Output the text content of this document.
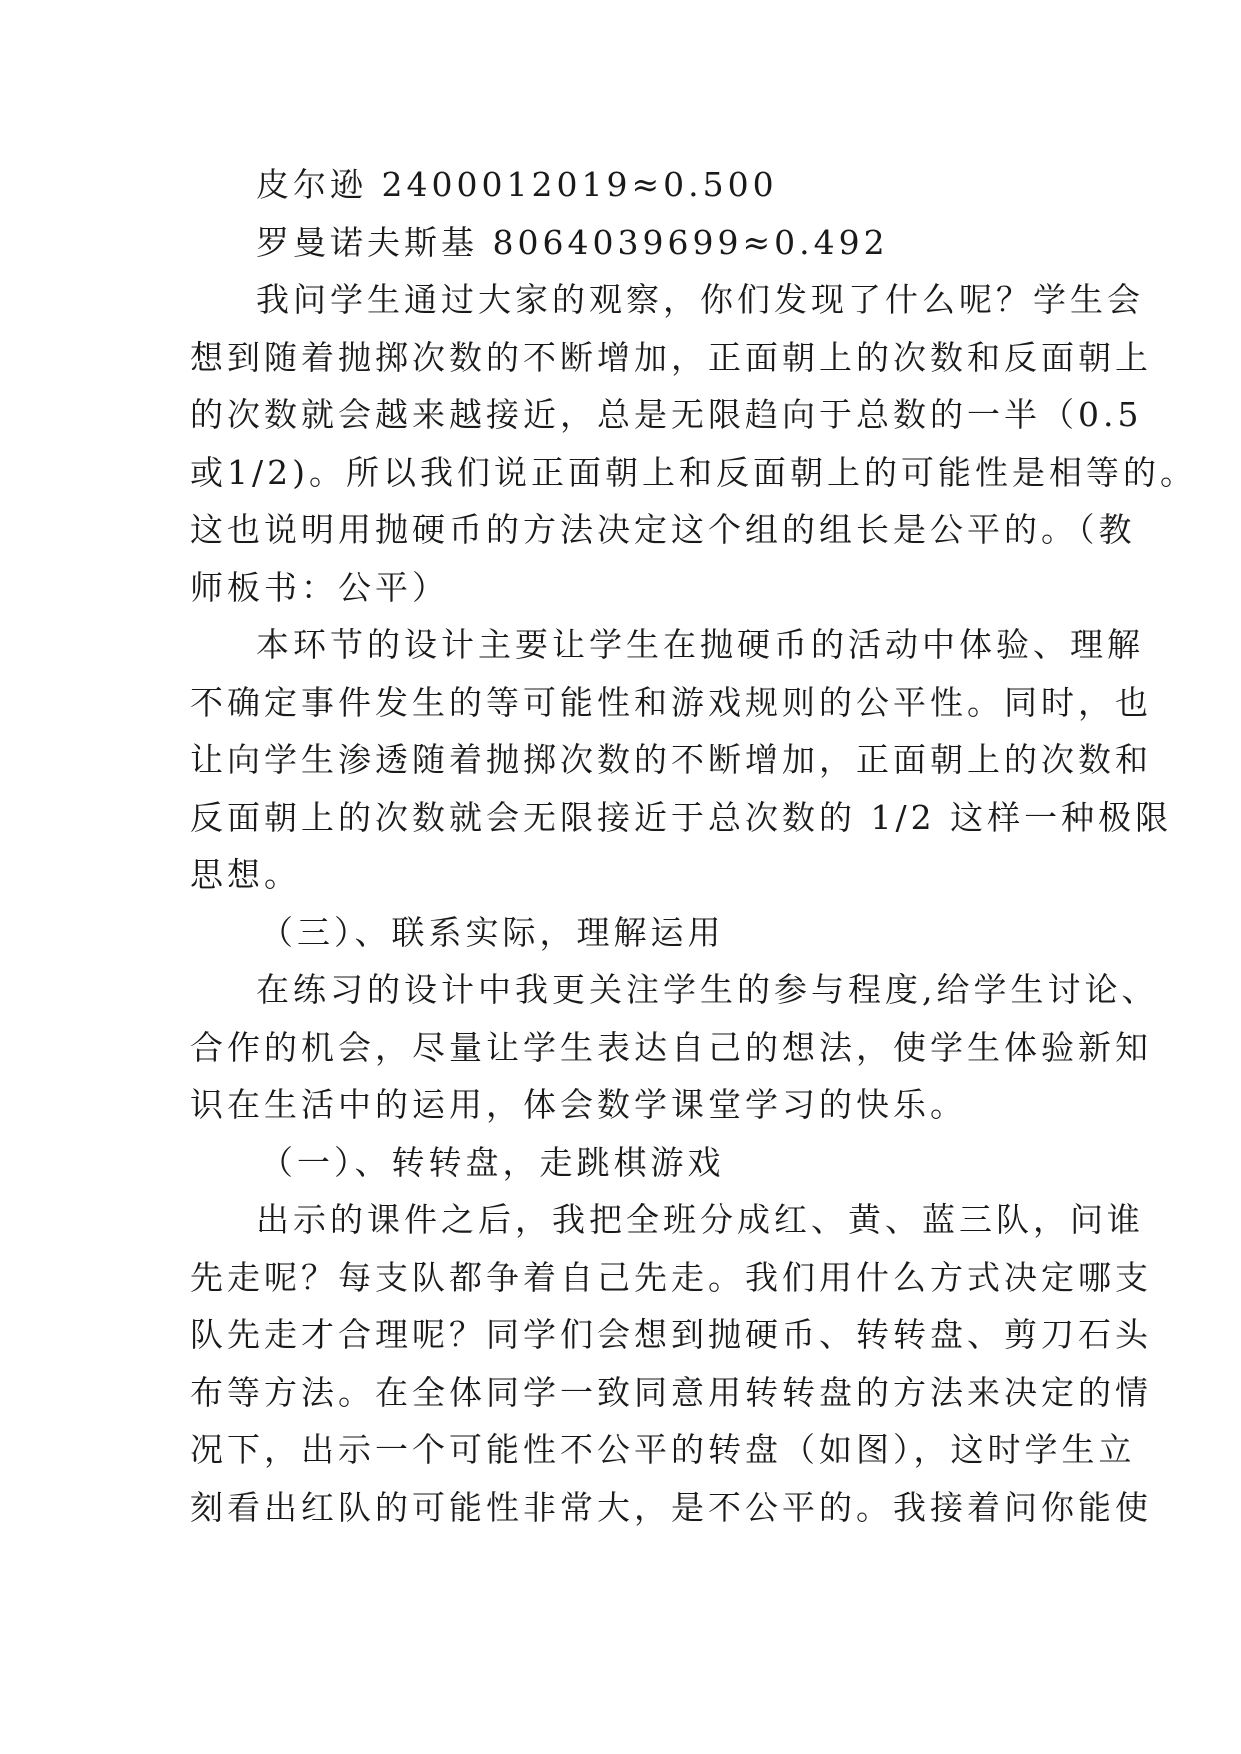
皮尔逊 2400012019≈0.500
罗曼诺夫斯基 8064039699≈0.492
我问学生通过大家的观察，你们发现了什么呢？学生会
想到随着抛掷次数的不断增加，正面朝上的次数和反面朝上
的次数就会越来越接近，总是无限趋向于总数的一半（0.5
或1/2)。所以我们说正面朝上和反面朝上的可能性是相等的。
这也说明用抛硬币的方法决定这个组的组长是公平的。（教
师板书：公平）
本环节的设计主要让学生在抛硬币的活动中体验、理解
不确定事件发生的等可能性和游戏规则的公平性。同时，也
让向学生渗透随着抛掷次数的不断增加，正面朝上的次数和
反面朝上的次数就会无限接近于总次数的 1/2 这样一种极限
思想。
（三）、联系实际，理解运用
在练习的设计中我更关注学生的参与程度,给学生讨论、
合作的机会，尽量让学生表达自己的想法，使学生体验新知
识在生活中的运用，体会数学课堂学习的快乐。
（一）、转转盘，走跳棋游戏
出示的课件之后，我把全班分成红、黄、蓝三队，问谁
先走呢？每支队都争着自己先走。我们用什么方式决定哪支
队先走才合理呢？同学们会想到抛硬币、转转盘、剪刀石头
布等方法。在全体同学一致同意用转转盘的方法来决定的情
况下，出示一个可能性不公平的转盘（如图），这时学生立
刻看出红队的可能性非常大，是不公平的。我接着问你能使
